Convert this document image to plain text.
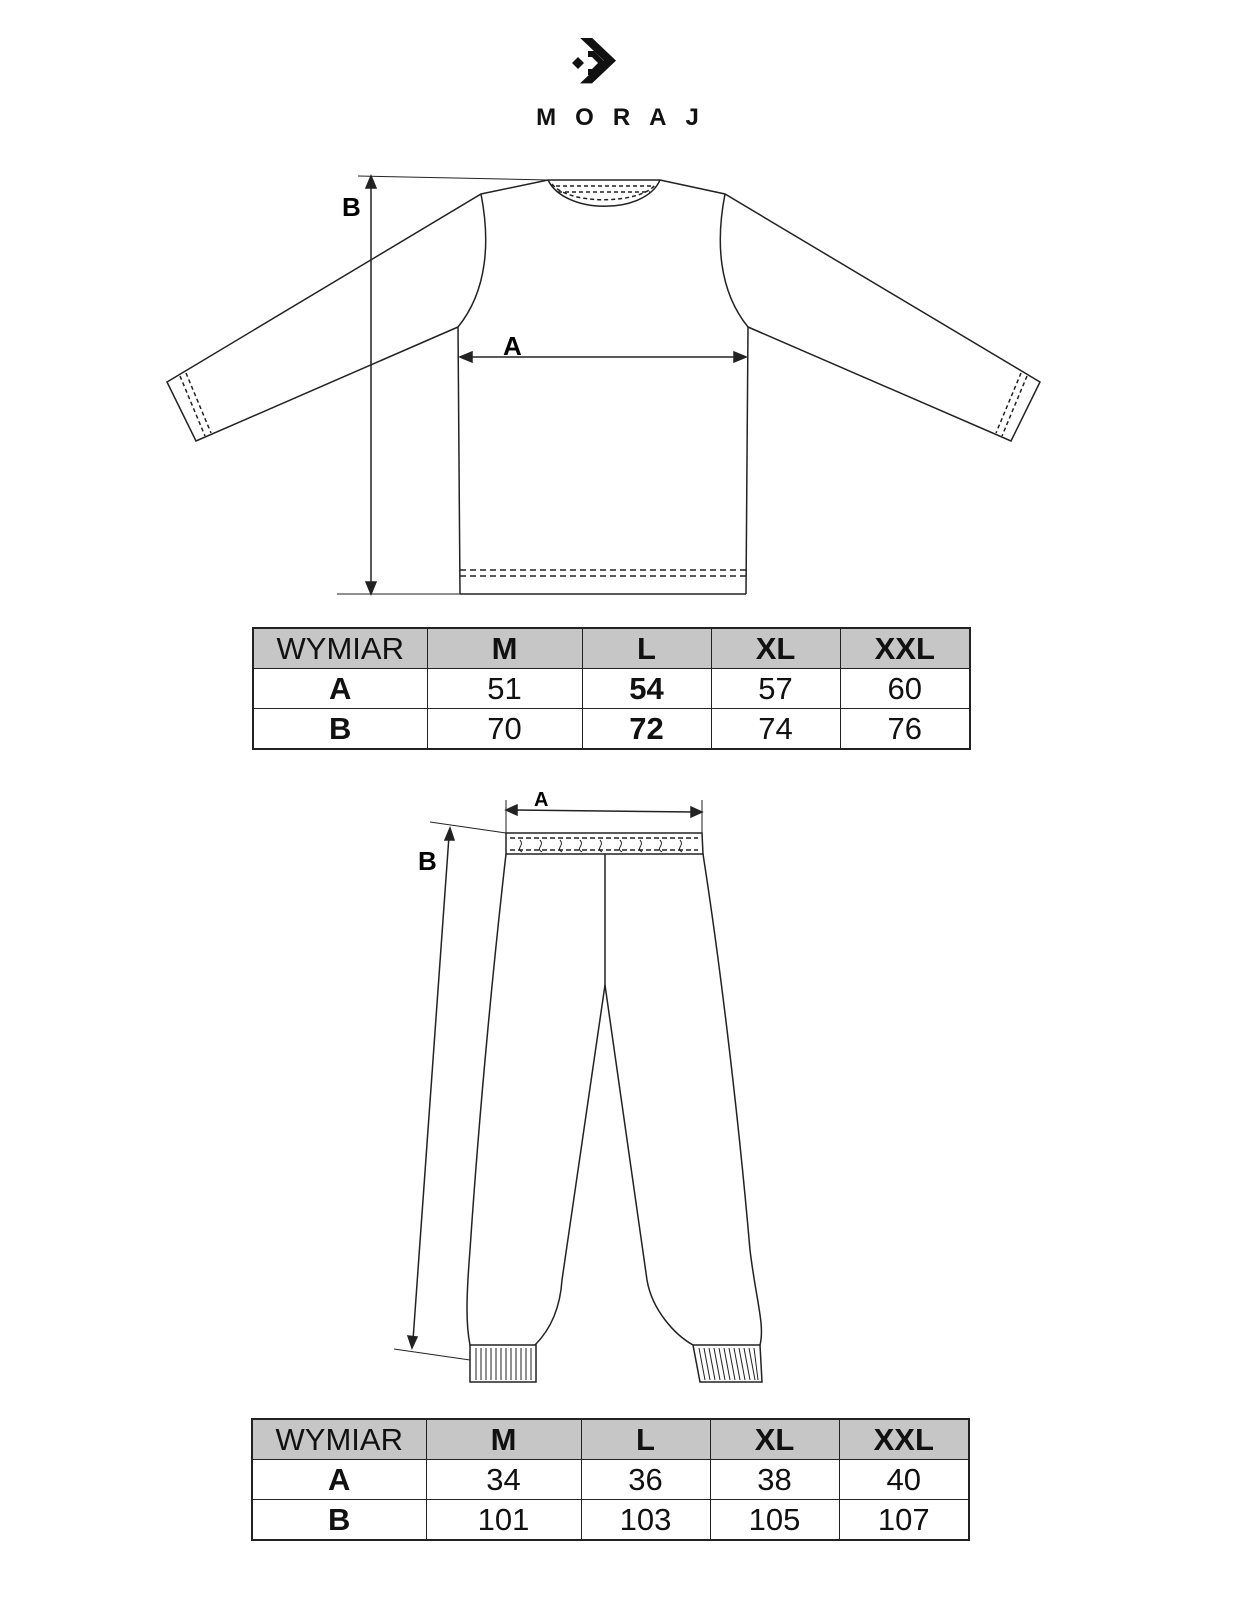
MORAJ
B
A
WYMIAR	M	L	XL	XXL
A	51	54	57	60
B	70	72	74	76
A
B
WYMIAR	M	L	XL	XXL
A	34	36	38	40
B	101	103	105	107
